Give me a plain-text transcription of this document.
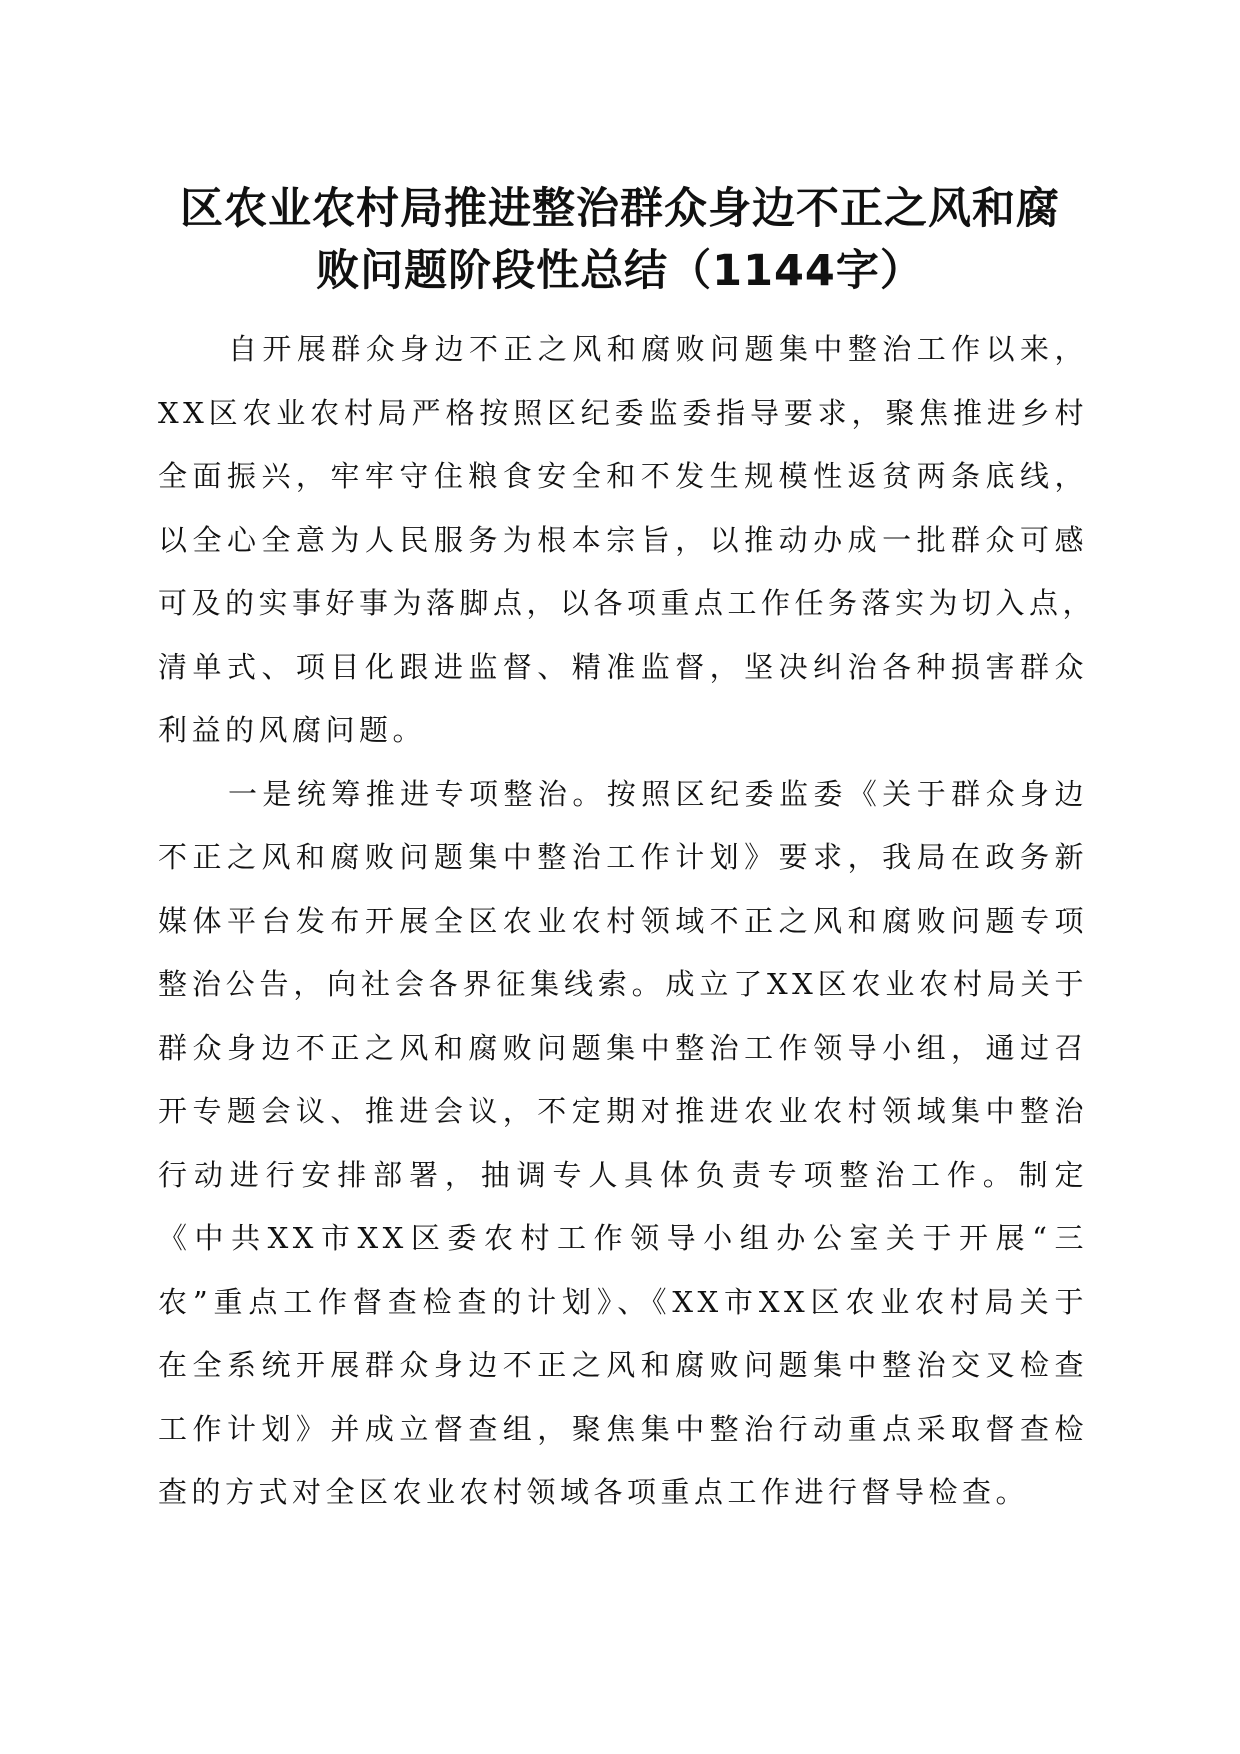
区农业农村局推进整治群众身边不正之风和腐
败问题阶段性总结（1144字）
自开展群众身边不正之风和腐败问题集中整治工作以来，
XX区农业农村局严格按照区纪委监委指导要求，聚焦推进乡村
全面振兴，牢牢守住粮食安全和不发生规模性返贫两条底线，
以全心全意为人民服务为根本宗旨，以推动办成一批群众可感
可及的实事好事为落脚点，以各项重点工作任务落实为切入点，
清单式、项目化跟进监督、精准监督，坚决纠治各种损害群众
利益的风腐问题。
一是统筹推进专项整治。按照区纪委监委《关于群众身边
不正之风和腐败问题集中整治工作计划》要求，我局在政务新
媒体平台发布开展全区农业农村领域不正之风和腐败问题专项
整治公告，向社会各界征集线索。成立了XX区农业农村局关于
群众身边不正之风和腐败问题集中整治工作领导小组，通过召
开专题会议、推进会议，不定期对推进农业农村领域集中整治
行动进行安排部署，抽调专人具体负责专项整治工作。制定
《中共XX市XX区委农村工作领导小组办公室关于开展“三
农”重点工作督查检查的计划》、《XX市XX区农业农村局关于
在全系统开展群众身边不正之风和腐败问题集中整治交叉检查
工作计划》并成立督查组，聚焦集中整治行动重点采取督查检
查的方式对全区农业农村领域各项重点工作进行督导检查。
